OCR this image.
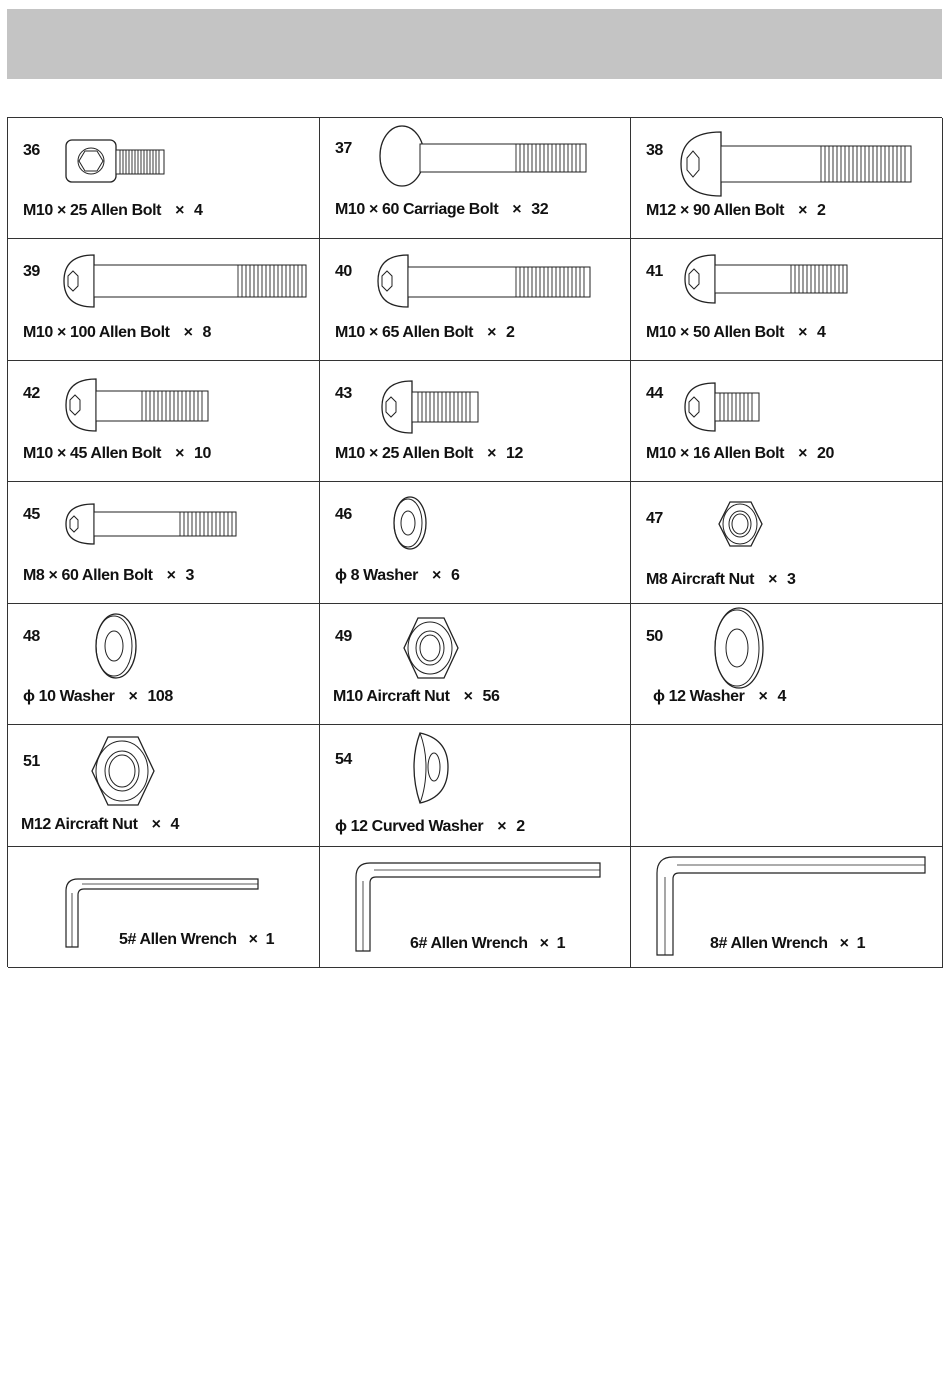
36
M10 × 25 Allen Bolt × 4
37
M10 × 60 Carriage Bolt × 32
38
M12 × 90 Allen Bolt × 2
39
M10 × 100 Allen Bolt × 8
40
M10 × 65 Allen Bolt × 2
41
M10 × 50 Allen Bolt × 4
42
M10 × 45 Allen Bolt × 10
43
M10 × 25 Allen Bolt × 12
44
M10 × 16 Allen Bolt × 20
45
M8 × 60 Allen Bolt × 3
46
ϕ 8 Washer × 6
47
M8 Aircraft Nut × 3
48
ϕ 10 Washer × 108
49
M10 Aircraft Nut × 56
50
ϕ 12 Washer × 4
51
M12 Aircraft Nut × 4
54
ϕ 12 Curved Washer × 2
5# Allen Wrench × 1	6# Allen Wrench × 1	8# Allen Wrench × 1
